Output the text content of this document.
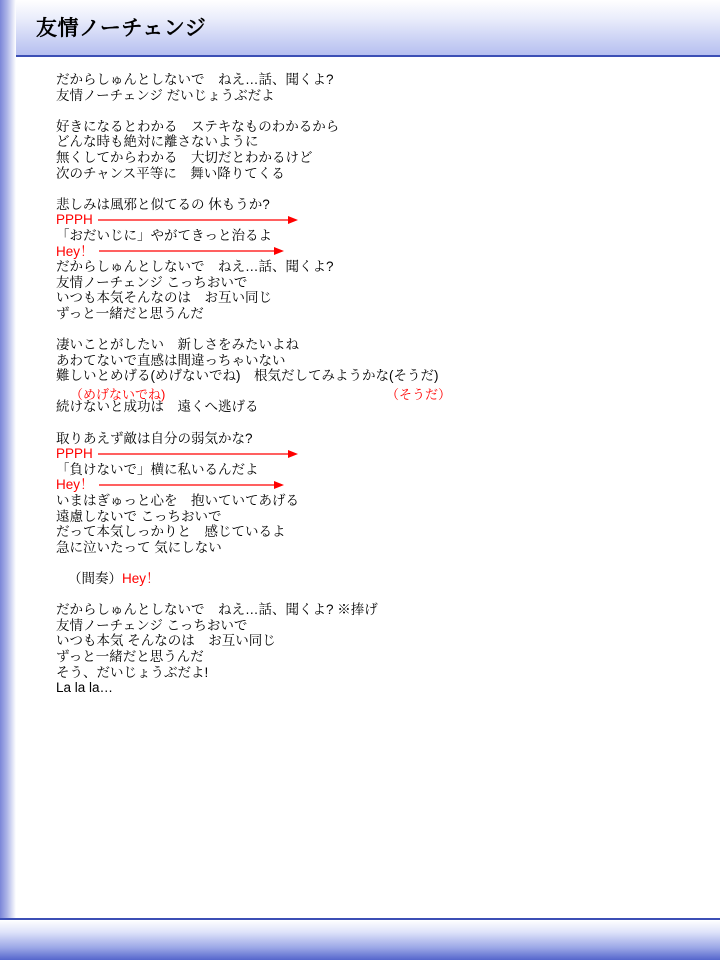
友情ノーチェンジ
だからしゅんとしないで　ねえ…話、聞くよ?
友情ノーチェンジ だいじょうぶだよ
好きになるとわかる　ステキなものわかるから
どんな時も絶対に離さないように
無くしてからわかる　大切だとわかるけど
次のチャンス平等に　舞い降りてくる
悲しみは風邪と似てるの 休もうか?
PPPH
「おだいじに」やがてきっと治るよ
Hey！
だからしゅんとしないで　ねえ…話、聞くよ?
友情ノーチェンジ こっちおいで
いつも本気そんなのは　お互い同じ
ずっと一緒だと思うんだ
凄いことがしたい　新しさをみたいよね
あわてないで直感は間違っちゃいない
難しいとめげる(めげないでね)　根気だしてみようかな(そうだ)
（めげないでね)	（そうだ）
続けないと成功は　遠くへ逃げる
取りあえず敵は自分の弱気かな?
PPPH
「負けないで」横に私いるんだよ
Hey！
いまはぎゅっと心を　抱いていてあげる
遠慮しないで こっちおいで
だって本気しっかりと　感じているよ
急に泣いたって 気にしない
（間奏）Hey！
だからしゅんとしないで　ねえ…話、聞くよ? ※捧げ
友情ノーチェンジ こっちおいで
いつも本気 そんなのは　お互い同じ
ずっと一緒だと思うんだ
そう、だいじょうぶだよ!
La la la…
